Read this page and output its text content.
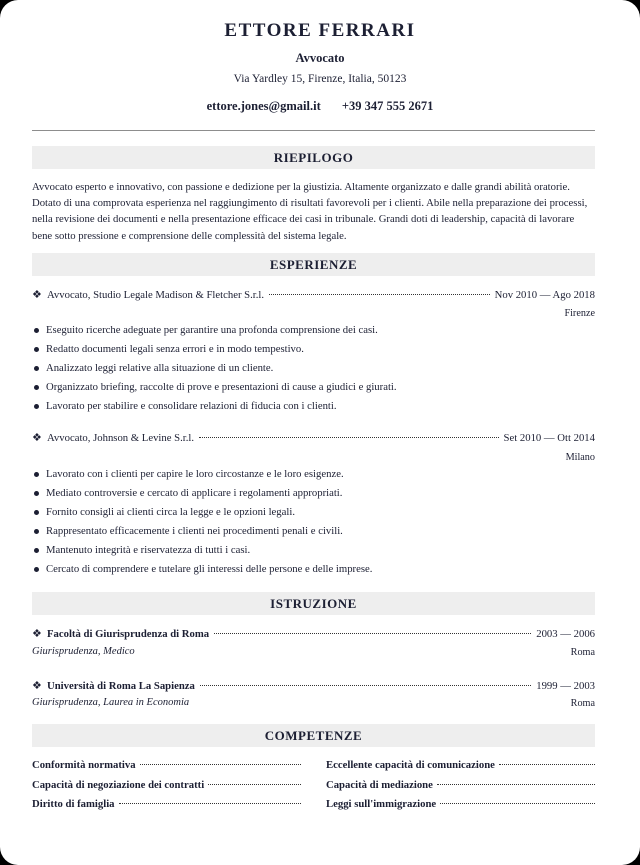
ETTORE FERRARI
Avvocato
Via Yardley 15, Firenze, Italia, 50123
ettore.jones@gmail.it +39 347 555 2671
RIEPILOGO
Avvocato esperto e innovativo, con passione e dedizione per la giustizia. Altamente organizzato e dalle grandi abilità oratorie. Dotato di una comprovata esperienza nel raggiungimento di risultati favorevoli per i clienti. Abile nella preparazione dei processi, nella revisione dei documenti e nella presentazione efficace dei casi in tribunale. Grandi doti di leadership, capacità di lavorare bene sotto pressione e comprensione delle complessità del sistema legale.
ESPERIENZE
❖ Avvocato, Studio Legale Madison & Fletcher S.r.l.	Nov 2010 — Ago 2018
Firenze
Eseguito ricerche adeguate per garantire una profonda comprensione dei casi.
Redatto documenti legali senza errori e in modo tempestivo.
Analizzato leggi relative alla situazione di un cliente.
Organizzato briefing, raccolte di prove e presentazioni di cause a giudici e giurati.
Lavorato per stabilire e consolidare relazioni di fiducia con i clienti.
❖ Avvocato, Johnson & Levine S.r.l.	Set 2010 — Ott 2014
Milano
Lavorato con i clienti per capire le loro circostanze e le loro esigenze.
Mediato controversie e cercato di applicare i regolamenti appropriati.
Fornito consigli ai clienti circa la legge e le opzioni legali.
Rappresentato efficacemente i clienti nei procedimenti penali e civili.
Mantenuto integrità e riservatezza di tutti i casi.
Cercato di comprendere e tutelare gli interessi delle persone e delle imprese.
ISTRUZIONE
❖ Facoltà di Giurisprudenza di Roma	2003 — 2006
Giurisprudenza, Medico	Roma
❖ Università di Roma La Sapienza	1999 — 2003
Giurisprudenza, Laurea in Economia	Roma
COMPETENZE
Conformità normativa	Eccellente capacità di comunicazione
Capacità di negoziazione dei contratti	Capacità di mediazione
Diritto di famiglia	Leggi sull'immigrazione
